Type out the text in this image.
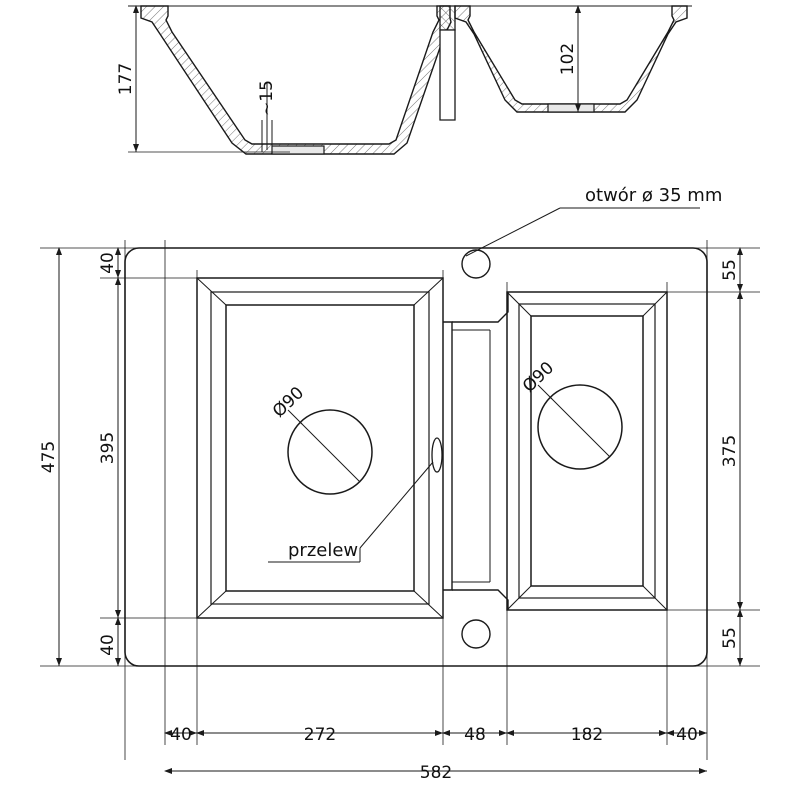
177
102
~15
Ø90
Ø90
przelew
otwór ø 35 mm
475 395
40
40
375
55
55
40	272	48	182	40
582
